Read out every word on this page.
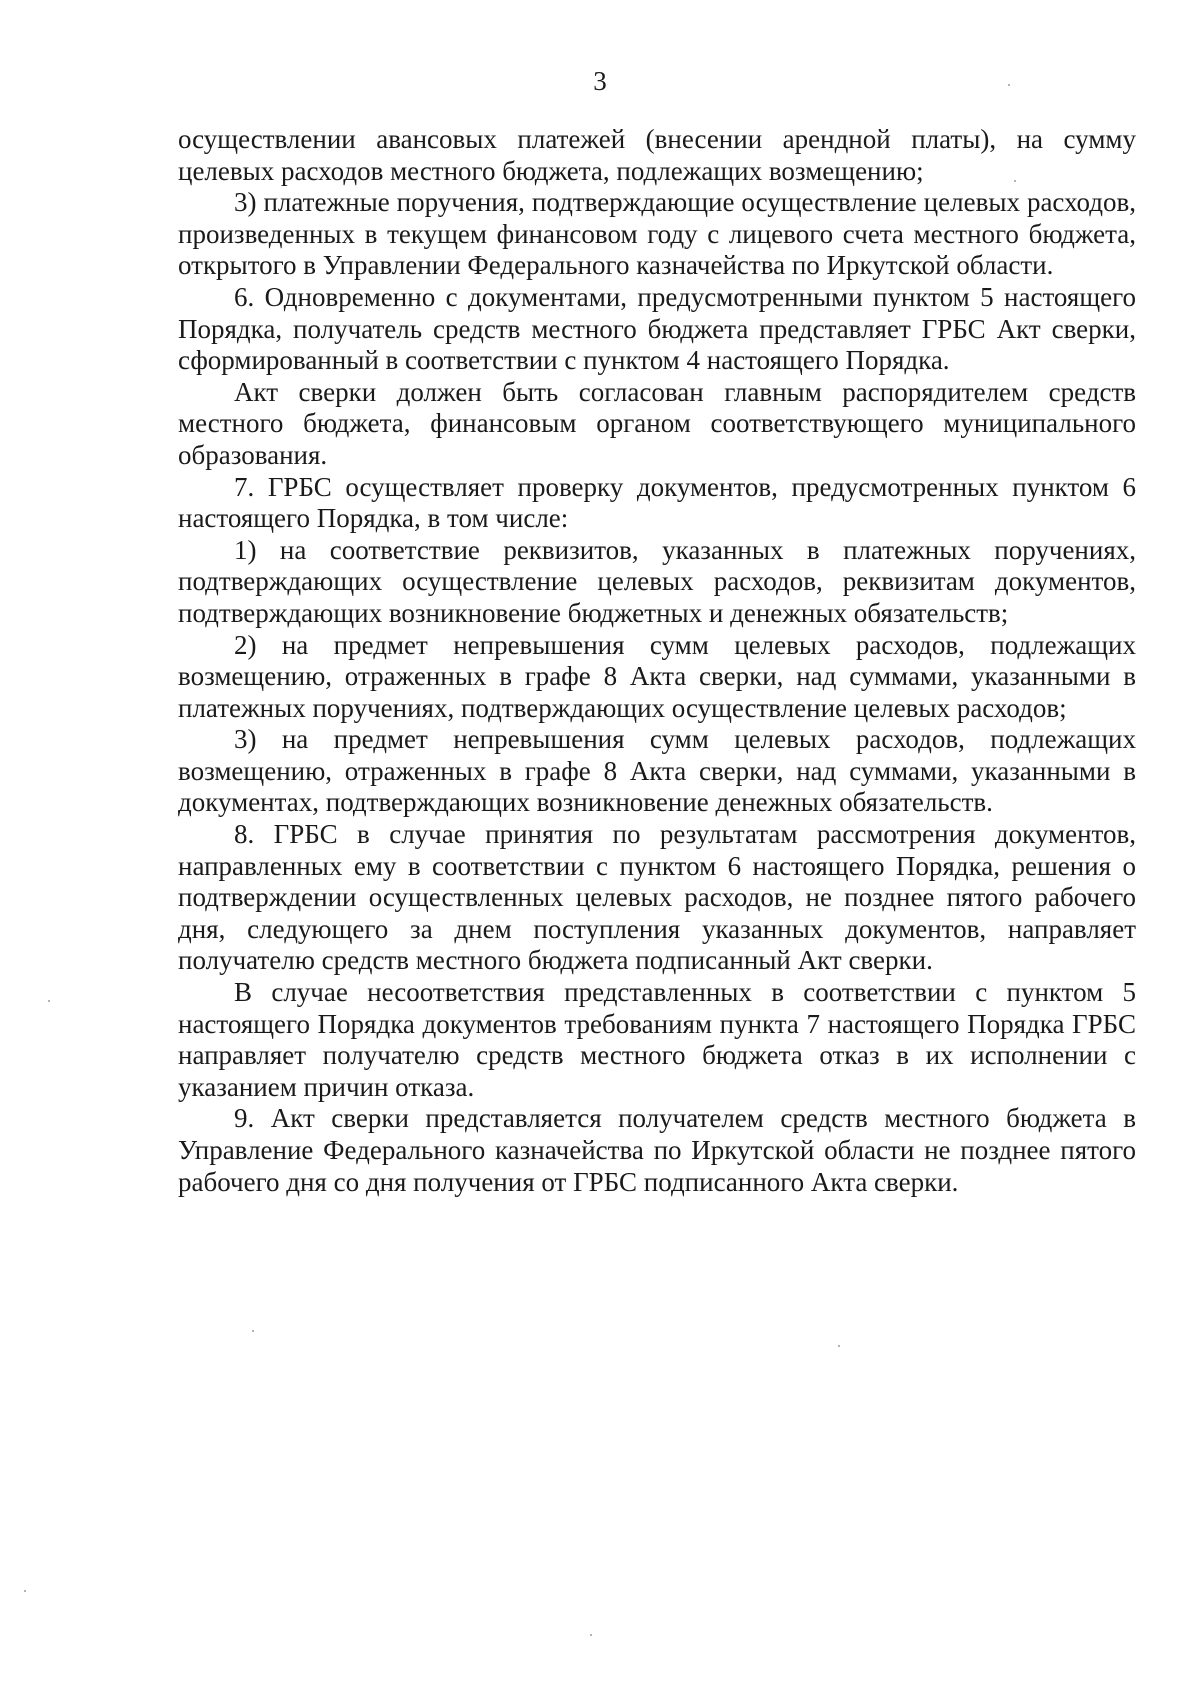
3

осуществлении авансовых платежей (внесении арендной платы), на сумму целевых расходов местного бюджета, подлежащих возмещению;

3) платежные поручения, подтверждающие осуществление целевых расходов, произведенных в текущем финансовом году с лицевого счета местного бюджета, открытого в Управлении Федерального казначейства по Иркутской области.

6. Одновременно с документами, предусмотренными пунктом 5 настоящего Порядка, получатель средств местного бюджета представляет ГРБС Акт сверки, сформированный в соответствии с пунктом 4 настоящего Порядка.

Акт сверки должен быть согласован главным распорядителем средств местного бюджета, финансовым органом соответствующего муниципального образования.

7. ГРБС осуществляет проверку документов, предусмотренных пунктом 6 настоящего Порядка, в том числе:

1) на соответствие реквизитов, указанных в платежных поручениях, подтверждающих осуществление целевых расходов, реквизитам документов, подтверждающих возникновение бюджетных и денежных обязательств;

2) на предмет непревышения сумм целевых расходов, подлежащих возмещению, отраженных в графе 8 Акта сверки, над суммами, указанными в платежных поручениях, подтверждающих осуществление целевых расходов;

3) на предмет непревышения сумм целевых расходов, подлежащих возмещению, отраженных в графе 8 Акта сверки, над суммами, указанными в документах, подтверждающих возникновение денежных обязательств.

8. ГРБС в случае принятия по результатам рассмотрения документов, направленных ему в соответствии с пунктом 6 настоящего Порядка, решения о подтверждении осуществленных целевых расходов, не позднее пятого рабочего дня, следующего за днем поступления указанных документов, направляет получателю средств местного бюджета подписанный Акт сверки.

В случае несоответствия представленных в соответствии с пунктом 5 настоящего Порядка документов требованиям пункта 7 настоящего Порядка ГРБС направляет получателю средств местного бюджета отказ в их исполнении с указанием причин отказа.

9. Акт сверки представляется получателем средств местного бюджета в Управление Федерального казначейства по Иркутской области не позднее пятого рабочего дня со дня получения от ГРБС подписанного Акта сверки.
